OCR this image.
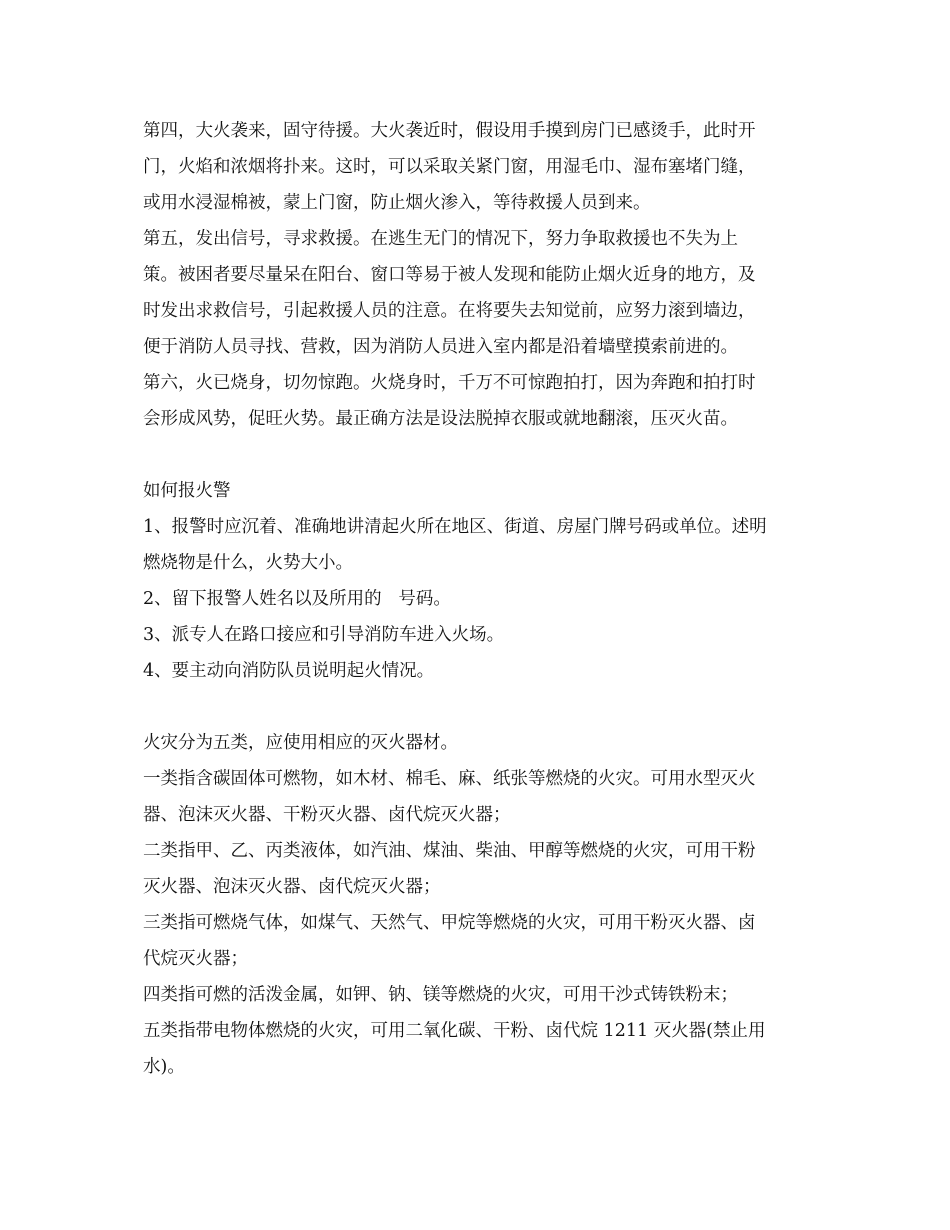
第四，大火袭来，固守待援。大火袭近时，假设用手摸到房门已感烫手，此时开
门，火焰和浓烟将扑来。这时，可以采取关紧门窗，用湿毛巾、湿布塞堵门缝，
或用水浸湿棉被，蒙上门窗，防止烟火渗入，等待救援人员到来。
第五，发出信号，寻求救援。在逃生无门的情况下，努力争取救援也不失为上
策。被困者要尽量呆在阳台、窗口等易于被人发现和能防止烟火近身的地方，及
时发出求救信号，引起救援人员的注意。在将要失去知觉前，应努力滚到墙边，
便于消防人员寻找、营救，因为消防人员进入室内都是沿着墙壁摸索前进的。
第六，火已烧身，切勿惊跑。火烧身时，千万不可惊跑拍打，因为奔跑和拍打时
会形成风势，促旺火势。最正确方法是设法脱掉衣服或就地翻滚，压灭火苗。
如何报火警
1、报警时应沉着、准确地讲清起火所在地区、街道、房屋门牌号码或单位。述明
燃烧物是什么，火势大小。
2、留下报警人姓名以及所用的   号码。
3、派专人在路口接应和引导消防车进入火场。
4、要主动向消防队员说明起火情况。
火灾分为五类，应使用相应的灭火器材。
一类指含碳固体可燃物，如木材、棉毛、麻、纸张等燃烧的火灾。可用水型灭火
器、泡沫灭火器、干粉灭火器、卤代烷灭火器；
二类指甲、乙、丙类液体，如汽油、煤油、柴油、甲醇等燃烧的火灾，可用干粉
灭火器、泡沫灭火器、卤代烷灭火器；
三类指可燃烧气体，如煤气、天然气、甲烷等燃烧的火灾，可用干粉灭火器、卤
代烷灭火器；
四类指可燃的活泼金属，如钾、钠、镁等燃烧的火灾，可用干沙式铸铁粉末；
五类指带电物体燃烧的火灾，可用二氧化碳、干粉、卤代烷 1211 灭火器(禁止用
水)。
